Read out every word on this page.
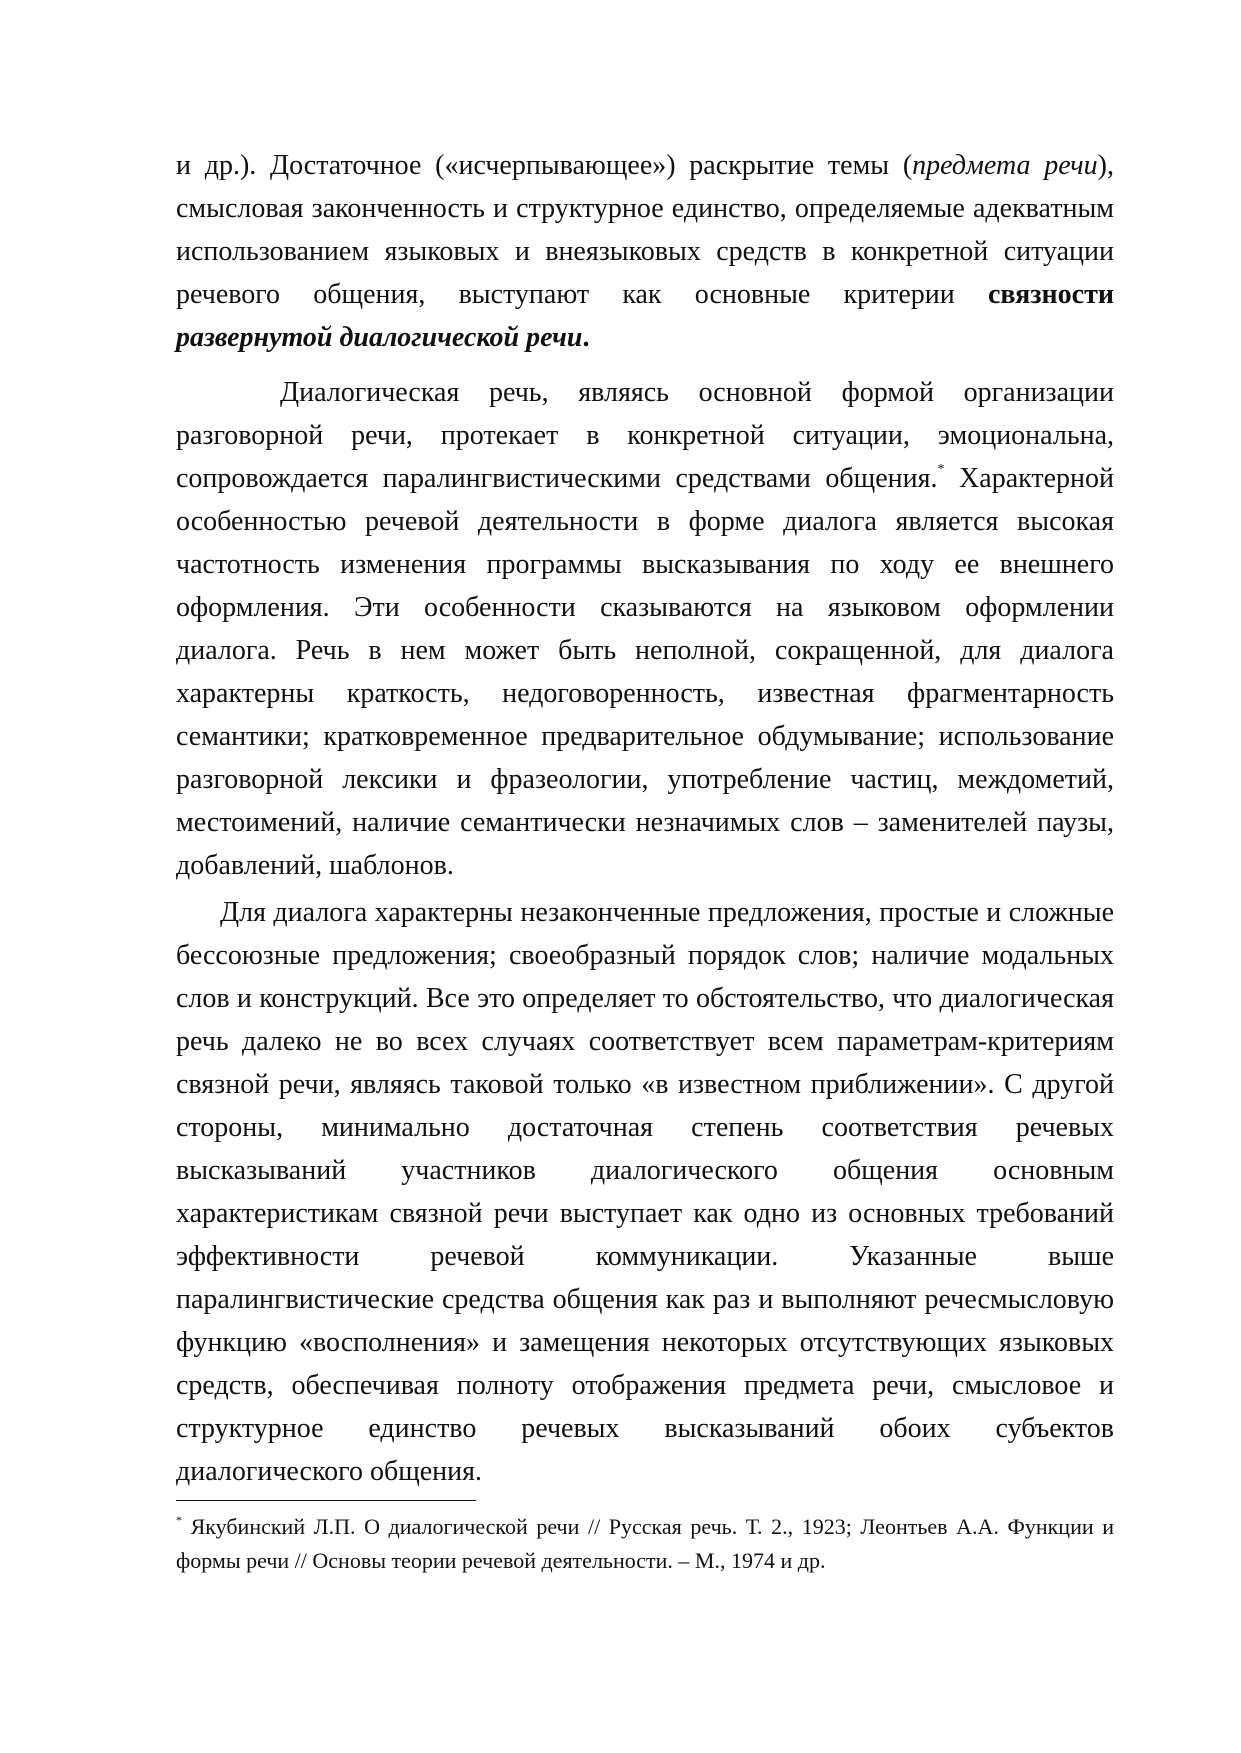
и др.). Достаточное («исчерпывающее») раскрытие темы (предмета речи), смысловая законченность и структурное единство, определяемые адекватным использованием языковых и внеязыковых средств в конкретной ситуации речевого общения, выступают как основные критерии связности развернутой диалогической речи.

Диалогическая речь, являясь основной формой организации разговорной речи, протекает в конкретной ситуации, эмоциональна, сопровождается паралингвистическими средствами общения.* Характерной особенностью речевой деятельности в форме диалога является высокая частотность изменения программы высказывания по ходу ее внешнего оформления. Эти особенности сказываются на языковом оформлении диалога. Речь в нем может быть неполной, сокращенной, для диалога характерны краткость, недоговоренность, известная фрагментарность семантики; кратковременное предварительное обдумывание; использование разговорной лексики и фразеологии, употребление частиц, междометий, местоимений, наличие семантически незначимых слов – заменителей паузы, добавлений, шаблонов.

Для диалога характерны незаконченные предложения, простые и сложные бессоюзные предложения; своеобразный порядок слов; наличие модальных слов и конструкций. Все это определяет то обстоятельство, что диалогическая речь далеко не во всех случаях соответствует всем параметрам-критериям связной речи, являясь таковой только «в известном приближении». С другой стороны, минимально достаточная степень соответствия речевых высказываний участников диалогического общения основным характеристикам связной речи выступает как одно из основных требований эффективности речевой коммуникации. Указанные выше паралингвистические средства общения как раз и выполняют речесмысловую функцию «восполнения» и замещения некоторых отсутствующих языковых средств, обеспечивая полноту отображения предмета речи, смысловое и структурное единство речевых высказываний обоих субъектов диалогического общения.

* Якубинский Л.П. О диалогической речи // Русская речь. Т. 2., 1923; Леонтьев А.А. Функции и формы речи // Основы теории речевой деятельности. – М., 1974 и др.
